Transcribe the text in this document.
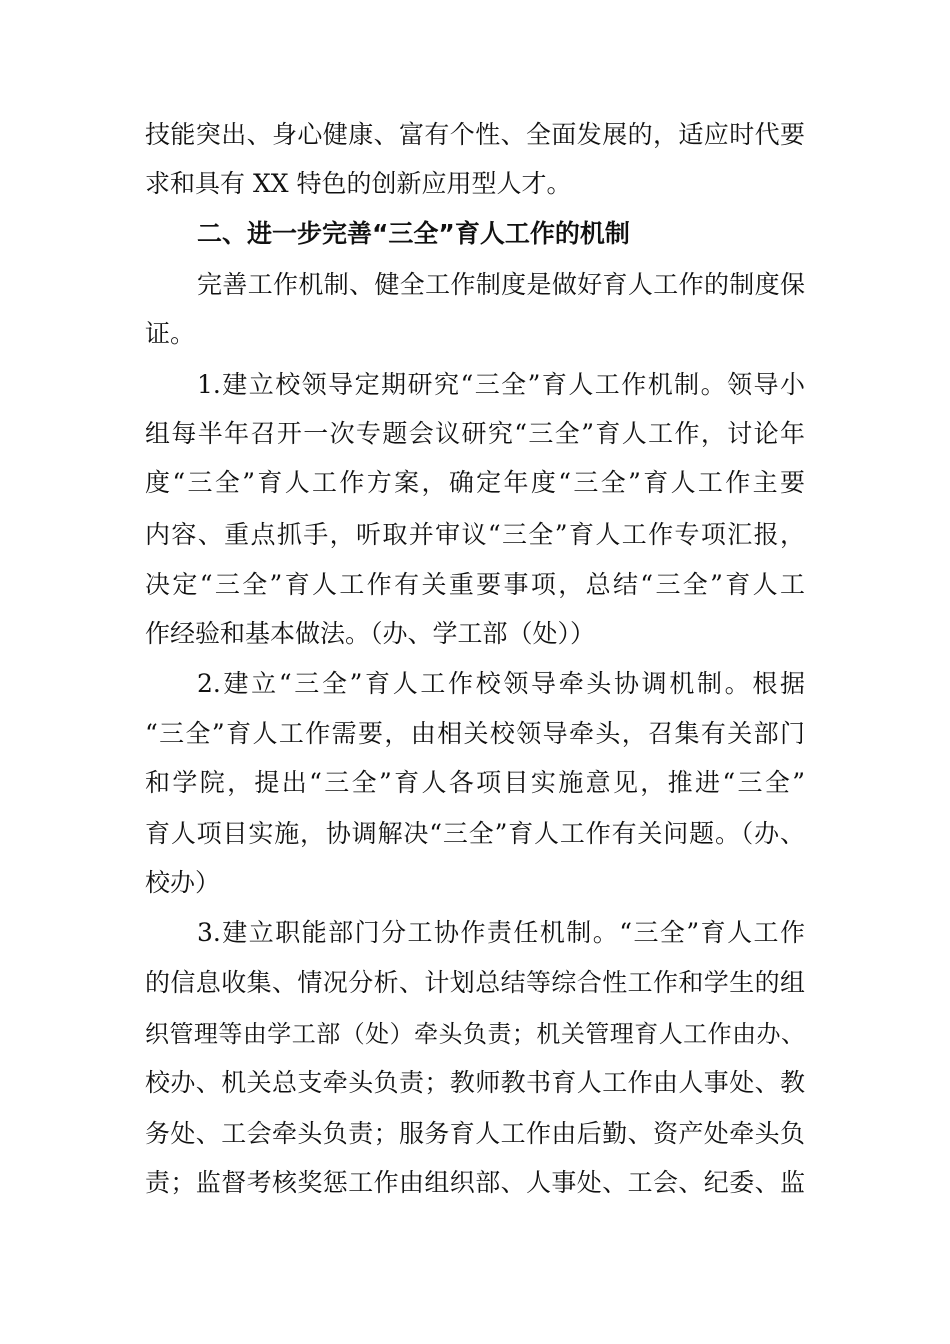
技能突出、身心健康、富有个性、全面发展的，适应时代要
求和具有 XX 特色的创新应用型人才。
二、进一步完善“三全”育人工作的机制
完善工作机制、健全工作制度是做好育人工作的制度保
证。
1.建立校领导定期研究“三全”育人工作机制。领导小
组每半年召开一次专题会议研究“三全”育人工作，讨论年
度“三全”育人工作方案，确定年度“三全”育人工作主要
内容、重点抓手，听取并审议“三全”育人工作专项汇报，
决定“三全”育人工作有关重要事项，总结“三全”育人工
作经验和基本做法。（办、学工部（处））
2.建立“三全”育人工作校领导牵头协调机制。根据
“三全”育人工作需要，由相关校领导牵头，召集有关部门
和学院，提出“三全”育人各项目实施意见，推进“三全”
育人项目实施，协调解决“三全”育人工作有关问题。（办、
校办）
3.建立职能部门分工协作责任机制。“三全”育人工作
的信息收集、情况分析、计划总结等综合性工作和学生的组
织管理等由学工部（处）牵头负责；机关管理育人工作由办、
校办、机关总支牵头负责；教师教书育人工作由人事处、教
务处、工会牵头负责；服务育人工作由后勤、资产处牵头负
责；监督考核奖惩工作由组织部、人事处、工会、纪委、监
